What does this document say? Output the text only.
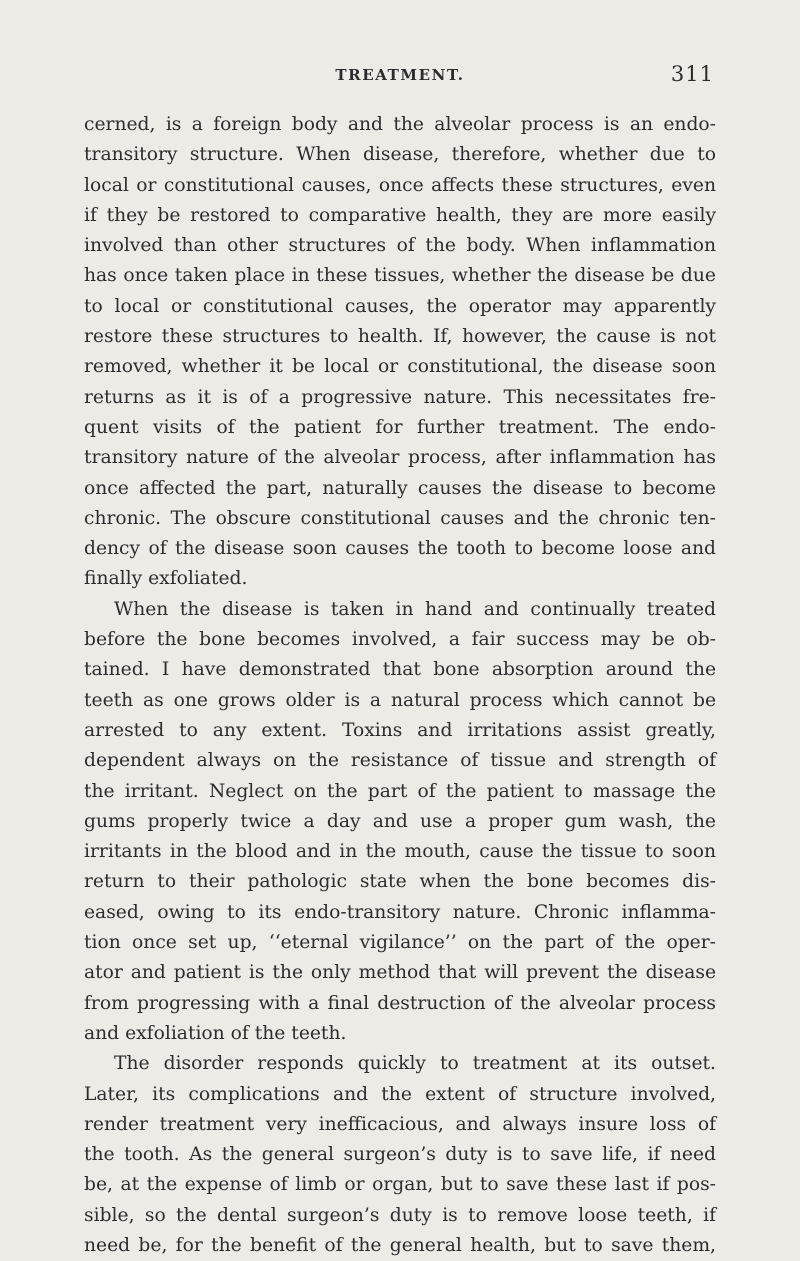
TREATMENT.	311
cerned, is a foreign body and the alveolar process is an endo-
transitory structure. When disease, therefore, whether due to
local or constitutional causes, once affects these structures, even
if they be restored to comparative health, they are more easily
involved than other structures of the body. When inflammation
has once taken place in these tissues, whether the disease be due
to local or constitutional causes, the operator may apparently
restore these structures to health. If, however, the cause is not
removed, whether it be local or constitutional, the disease soon
returns as it is of a progressive nature. This necessitates fre-
quent visits of the patient for further treatment. The endo-
transitory nature of the alveolar process, after inflammation has
once affected the part, naturally causes the disease to become
chronic. The obscure constitutional causes and the chronic ten-
dency of the disease soon causes the tooth to become loose and
finally exfoliated.
When the disease is taken in hand and continually treated
before the bone becomes involved, a fair success may be ob-
tained. I have demonstrated that bone absorption around the
teeth as one grows older is a natural process which cannot be
arrested to any extent. Toxins and irritations assist greatly,
dependent always on the resistance of tissue and strength of
the irritant. Neglect on the part of the patient to massage the
gums properly twice a day and use a proper gum wash, the
irritants in the blood and in the mouth, cause the tissue to soon
return to their pathologic state when the bone becomes dis-
eased, owing to its endo-transitory nature. Chronic inflamma-
tion once set up, ‘‘eternal vigilance’’ on the part of the oper-
ator and patient is the only method that will prevent the disease
from progressing with a final destruction of the alveolar process
and exfoliation of the teeth.
The disorder responds quickly to treatment at its outset.
Later, its complications and the extent of structure involved,
render treatment very inefficacious, and always insure loss of
the tooth. As the general surgeon’s duty is to save life, if need
be, at the expense of limb or organ, but to save these last if pos-
sible, so the dental surgeon’s duty is to remove loose teeth, if
need be, for the benefit of the general health, but to save them,
